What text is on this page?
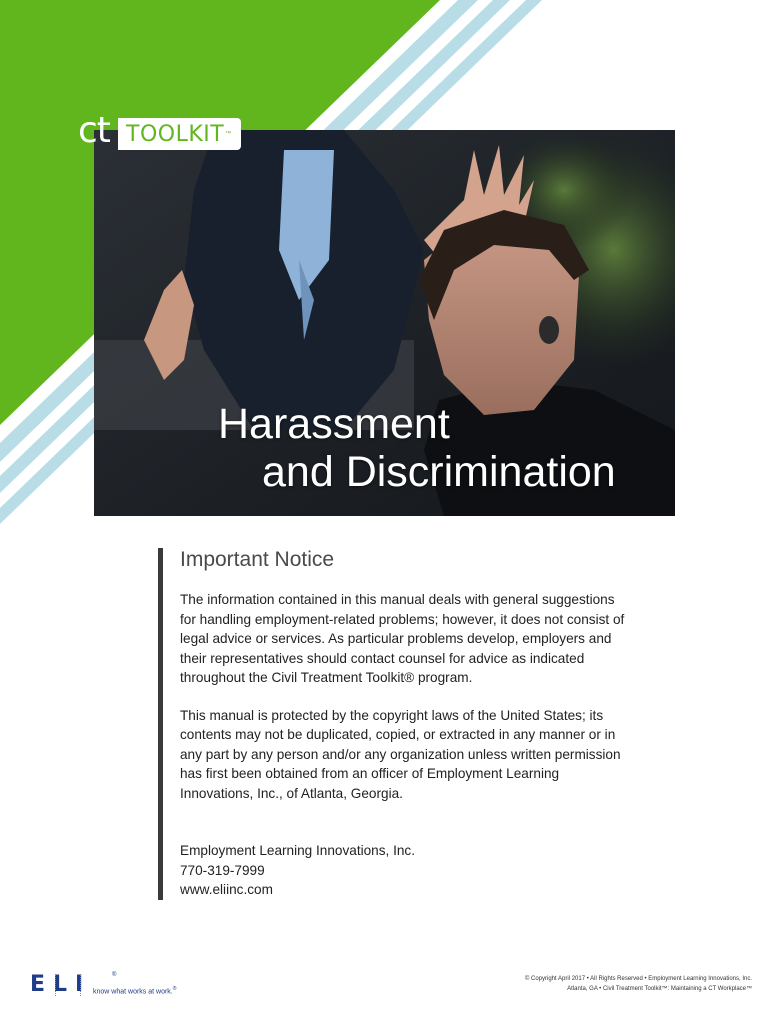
ct TOOLKIT ™
Harassment
and Discrimination
Important Notice

The information contained in this manual deals with general suggestions for handling employment-related problems; however, it does not consist of legal advice or services. As particular problems develop, employers and their representatives should contact counsel for advice as indicated throughout the Civil Treatment Toolkit® program.

This manual is protected by the copyright laws of the United States; its contents may not be duplicated, copied, or extracted in any manner or in any part by any person and/or any organization unless written permission has first been obtained from an officer of Employment Learning Innovations, Inc., of Atlanta, Georgia.

Employment Learning Innovations, Inc.
770-319-7999
www.eliinc.com
ELI	®
know what works at work.®
© Copyright April 2017 • All Rights Reserved • Employment Learning Innovations, Inc.
Atlanta, GA • Civil Treatment Toolkit™: Maintaining a CT Workplace™
